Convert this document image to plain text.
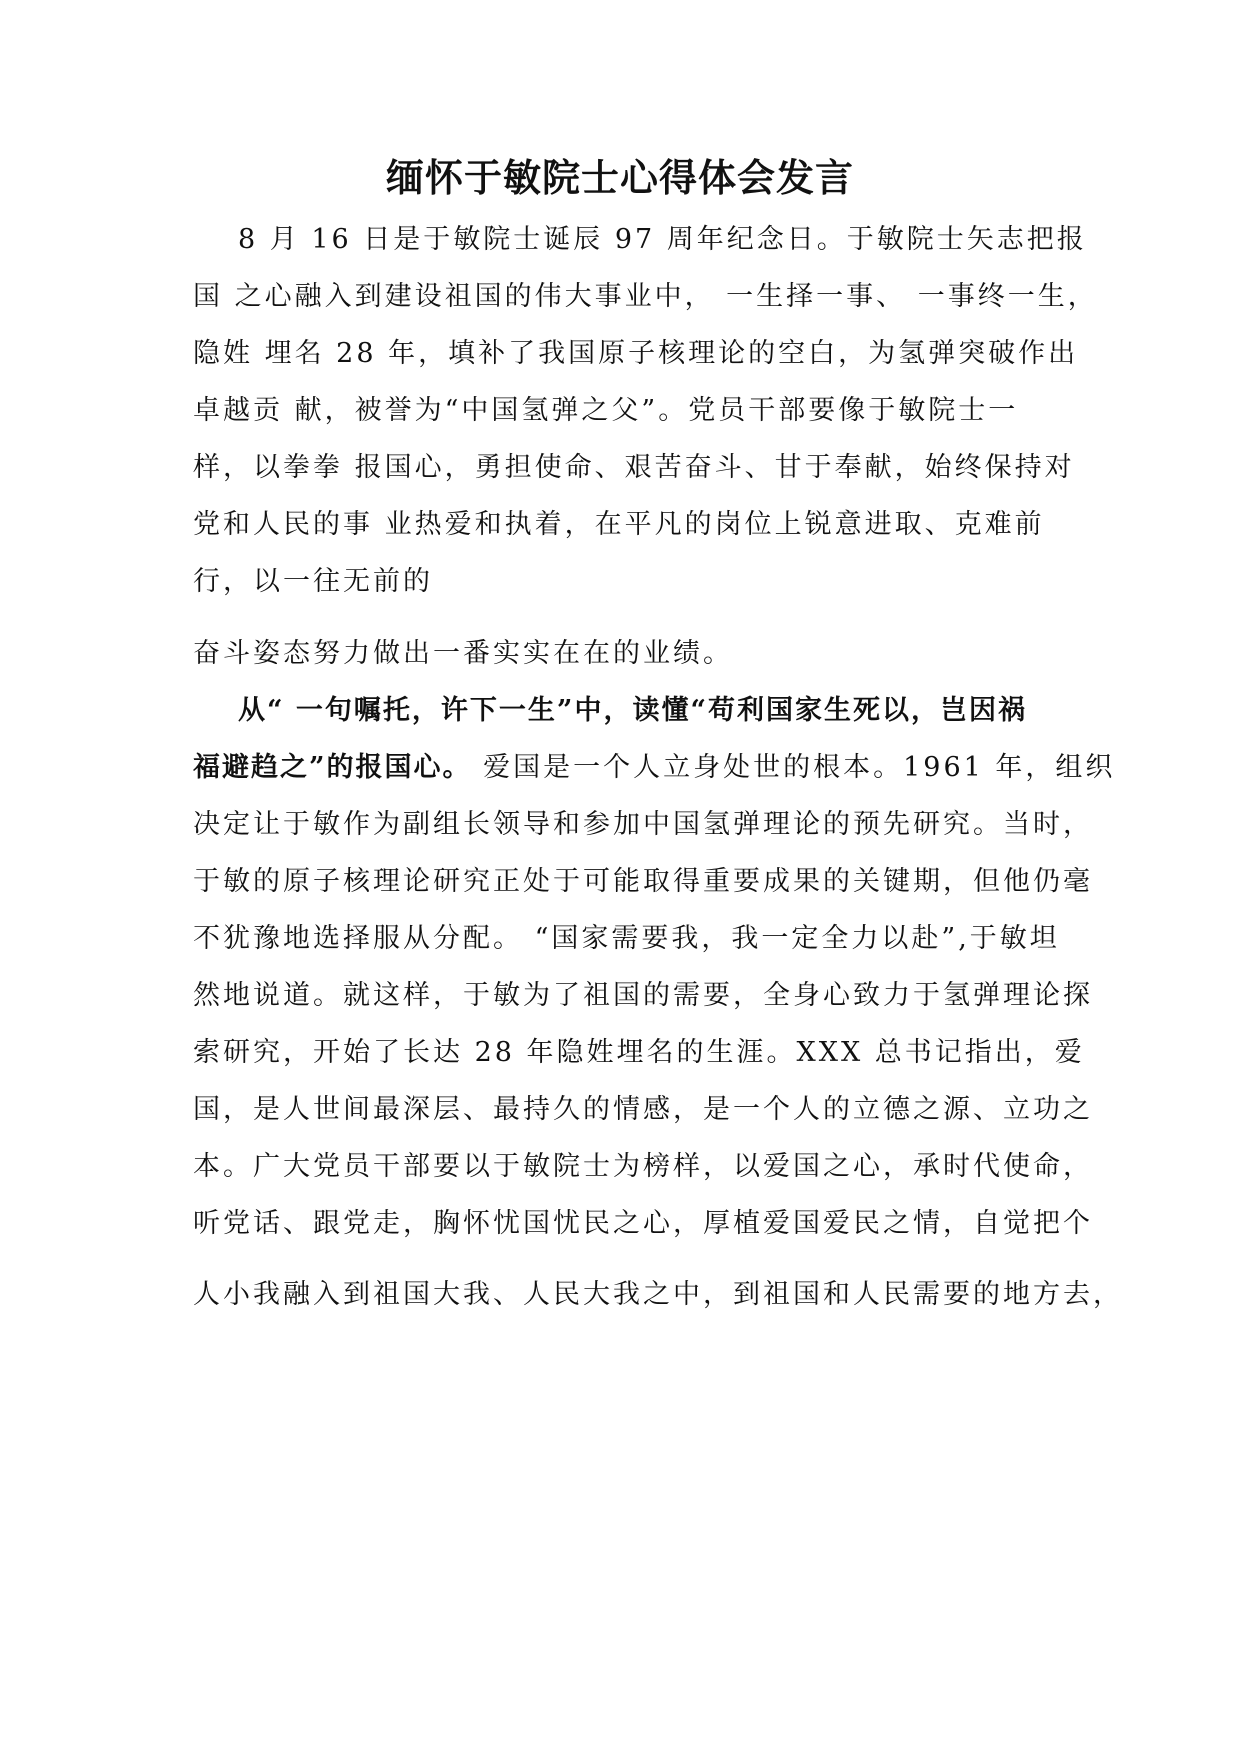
缅怀于敏院士心得体会发言

8 月 16 日是于敏院士诞辰 97 周年纪念日。于敏院士矢志把报

国 之心融入到建设祖国的伟大事业中， 一生择一事、 一事终一生，

隐姓 埋名 28 年，填补了我国原子核理论的空白，为氢弹突破作出

卓越贡 献，被誉为“中国氢弹之父”。党员干部要像于敏院士一

样，以拳拳 报国心，勇担使命、艰苦奋斗、甘于奉献，始终保持对

党和人民的事 业热爱和执着，在平凡的岗位上锐意进取、克难前

行，以一往无前的

奋斗姿态努力做出一番实实在在的业绩。

从“ 一句嘱托，许下一生”中，读懂“苟利国家生死以，岂因祸

福避趋之”的报国心。 爱国是一个人立身处世的根本。1961 年，组织

决定让于敏作为副组长领导和参加中国氢弹理论的预先研究。当时，

于敏的原子核理论研究正处于可能取得重要成果的关键期，但他仍毫

不犹豫地选择服从分配。 “国家需要我，我一定全力以赴”,于敏坦

然地说道。就这样，于敏为了祖国的需要，全身心致力于氢弹理论探

索研究，开始了长达 28 年隐姓埋名的生涯。XXX 总书记指出，爱

国，是人世间最深层、最持久的情感，是一个人的立德之源、立功之

本。广大党员干部要以于敏院士为榜样，以爱国之心，承时代使命，

听党话、跟党走，胸怀忧国忧民之心，厚植爱国爱民之情，自觉把个

人小我融入到祖国大我、人民大我之中，到祖国和人民需要的地方去，
